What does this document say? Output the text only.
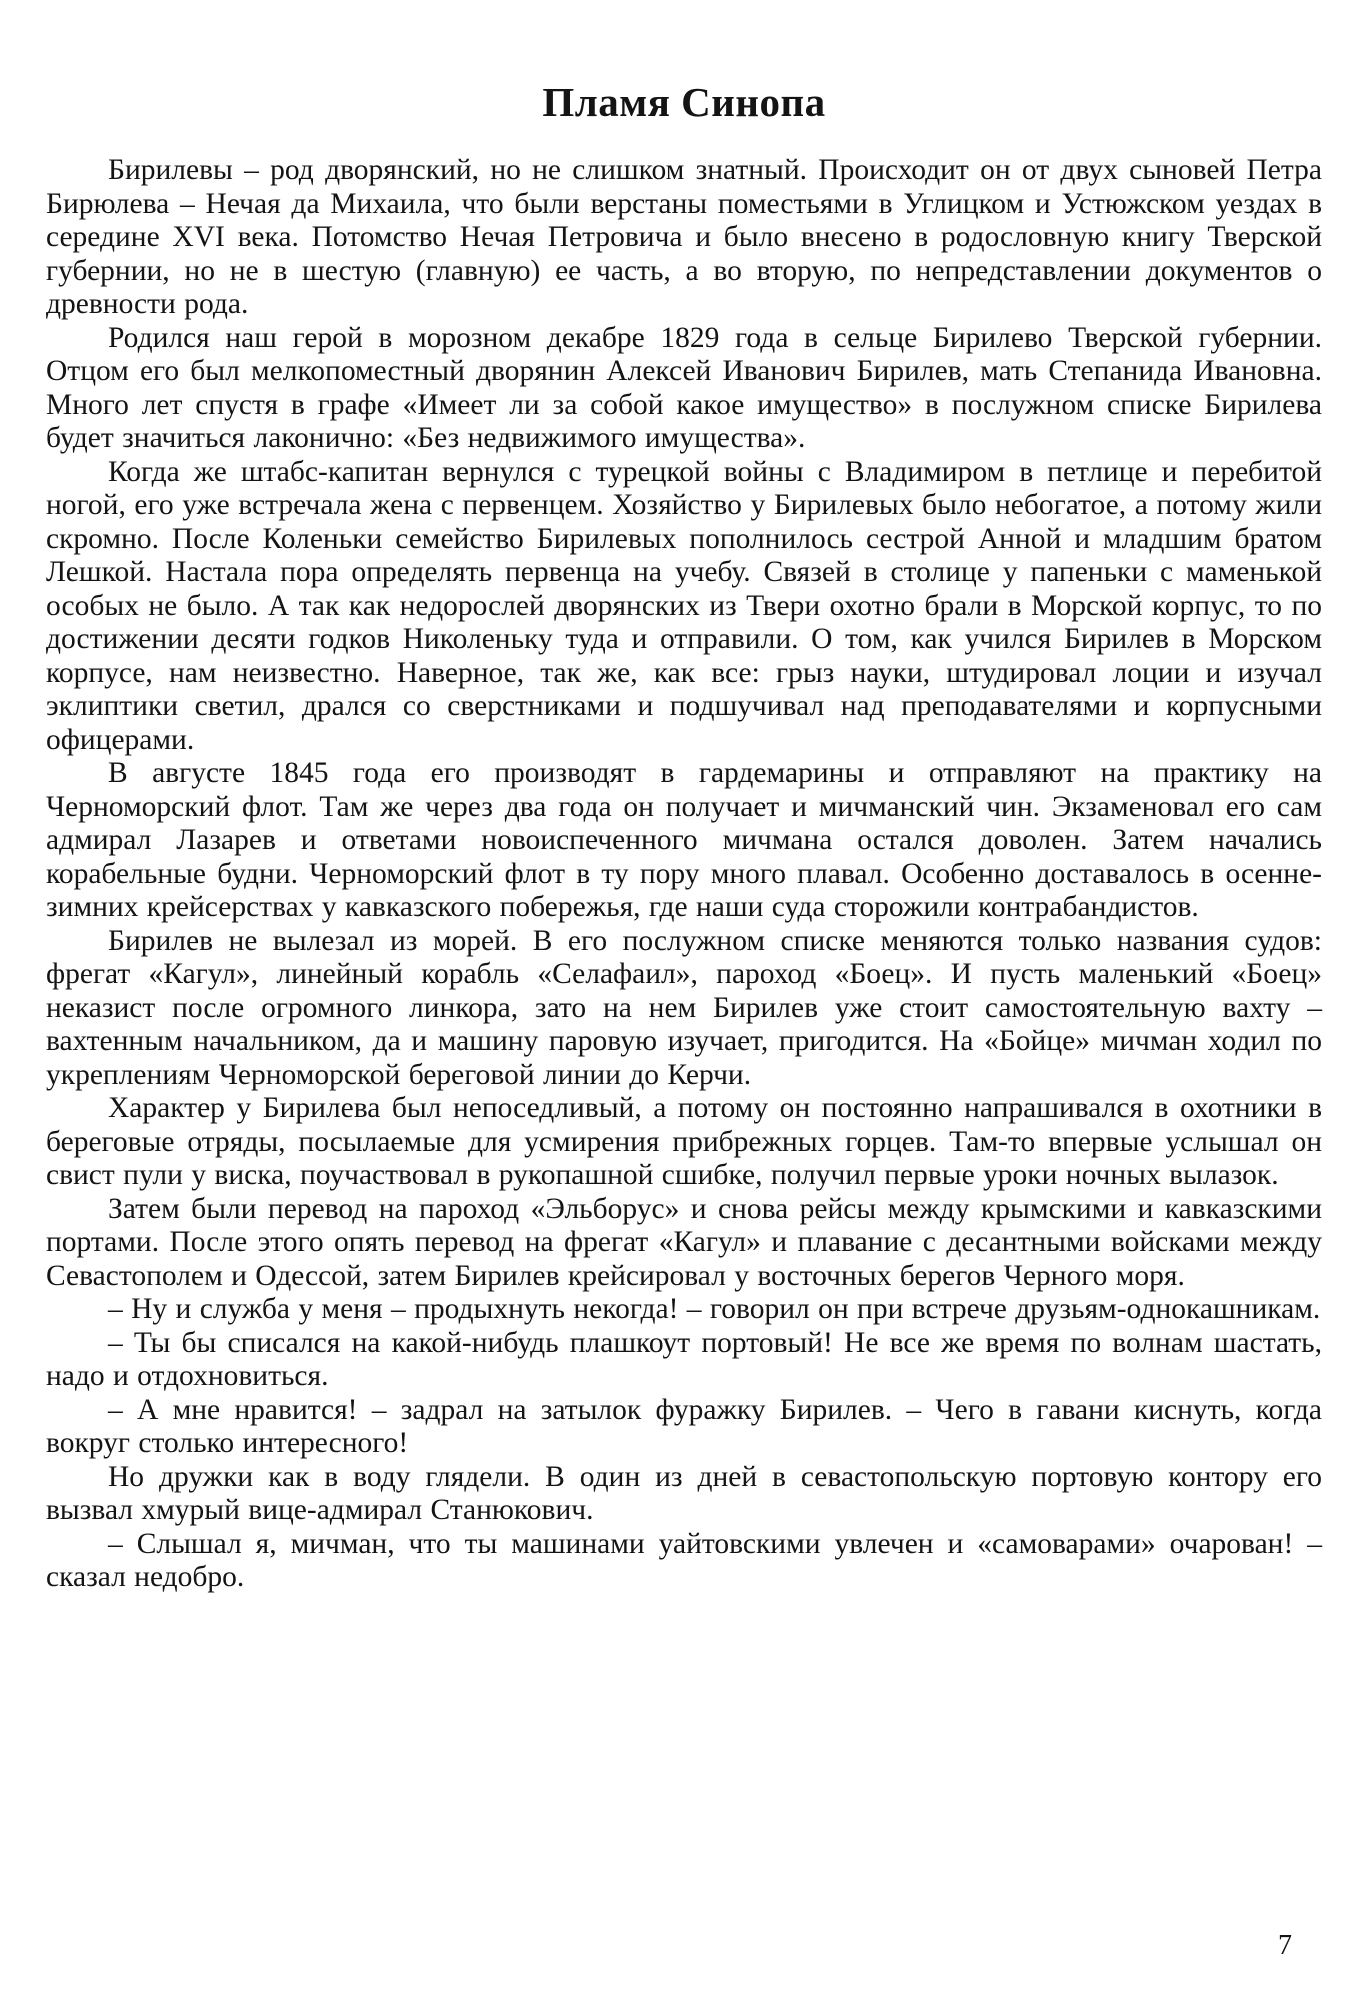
Пламя Синопа

Бирилевы – род дворянский, но не слишком знатный. Происходит он от двух сыновей Петра Бирюлева – Нечая да Михаила, что были верстаны поместьями в Углицком и Устюжском уездах в середине XVI века. Потомство Нечая Петровича и было внесено в родословную книгу Тверской губернии, но не в шестую (главную) ее часть, а во вторую, по непредставлении документов о древности рода.

Родился наш герой в морозном декабре 1829 года в сельце Бирилево Тверской губернии. Отцом его был мелкопоместный дворянин Алексей Иванович Бирилев, мать Степанида Ивановна. Много лет спустя в графе «Имеет ли за собой какое имущество» в послужном списке Бирилева будет значиться лаконично: «Без недвижимого имущества».

Когда же штабс-капитан вернулся с турецкой войны с Владимиром в петлице и перебитой ногой, его уже встречала жена с первенцем. Хозяйство у Бирилевых было небогатое, а потому жили скромно. После Коленьки семейство Бирилевых пополнилось сестрой Анной и младшим братом Лешкой. Настала пора определять первенца на учебу. Связей в столице у папеньки с маменькой особых не было. А так как недорослей дворянских из Твери охотно брали в Морской корпус, то по достижении десяти годков Николеньку туда и отправили. О том, как учился Бирилев в Морском корпусе, нам неизвестно. Наверное, так же, как все: грыз науки, штудировал лоции и изучал эклиптики светил, дрался со сверстниками и подшучивал над преподавателями и корпусными офицерами.

В августе 1845 года его производят в гардемарины и отправляют на практику на Черноморский флот. Там же через два года он получает и мичманский чин. Экзаменовал его сам адмирал Лазарев и ответами новоиспеченного мичмана остался доволен. Затем начались корабельные будни. Черноморский флот в ту пору много плавал. Особенно доставалось в осенне-зимних крейсерствах у кавказского побережья, где наши суда сторожили контрабандистов.

Бирилев не вылезал из морей. В его послужном списке меняются только названия судов: фрегат «Кагул», линейный корабль «Селафаил», пароход «Боец». И пусть маленький «Боец» неказист после огромного линкора, зато на нем Бирилев уже стоит самостоятельную вахту – вахтенным начальником, да и машину паровую изучает, пригодится. На «Бойце» мичман ходил по укреплениям Черноморской береговой линии до Керчи.

Характер у Бирилева был непоседливый, а потому он постоянно напрашивался в охотники в береговые отряды, посылаемые для усмирения прибрежных горцев. Там-то впервые услышал он свист пули у виска, поучаствовал в рукопашной сшибке, получил первые уроки ночных вылазок.

Затем были перевод на пароход «Эльборус» и снова рейсы между крымскими и кавказскими портами. После этого опять перевод на фрегат «Кагул» и плавание с десантными войсками между Севастополем и Одессой, затем Бирилев крейсировал у восточных берегов Черного моря.

– Ну и служба у меня – продыхнуть некогда! – говорил он при встрече друзьям-однокашникам.

– Ты бы списался на какой-нибудь плашкоут портовый! Не все же время по волнам шастать, надо и отдохновиться.

– А мне нравится! – задрал на затылок фуражку Бирилев. – Чего в гавани киснуть, когда вокруг столько интересного!

Но дружки как в воду глядели. В один из дней в севастопольскую портовую контору его вызвал хмурый вице-адмирал Станюкович.

– Слышал я, мичман, что ты машинами уайтовскими увлечен и «самоварами» очарован! – сказал недобро.

7
